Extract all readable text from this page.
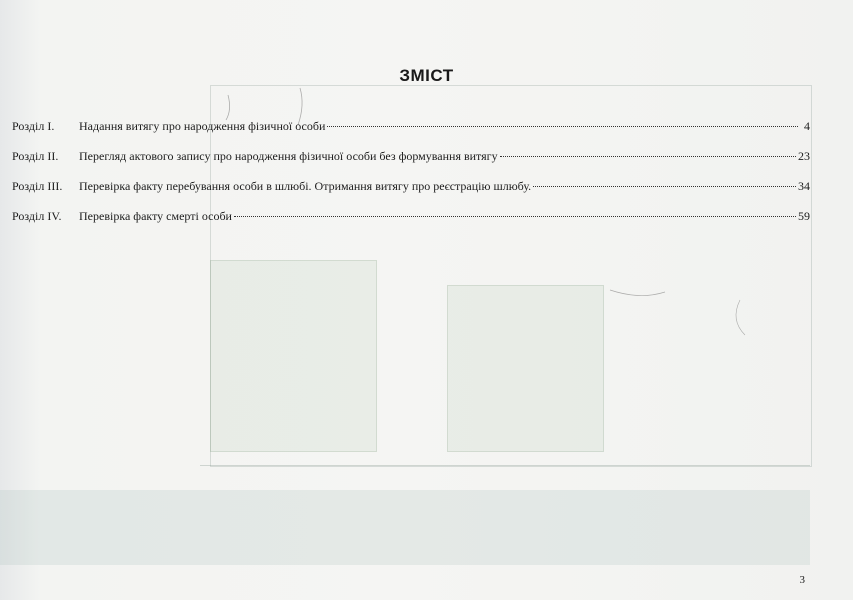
ЗМІСТ
Розділ I.	Надання витягу про народження фізичної особи	4
Розділ II.	Перегляд актового запису про народження фізичної особи без формування витягу	23
Розділ III.	Перевірка факту перебування особи в шлюбі. Отримання витягу про реєстрацію шлюбу.	34
Розділ IV.	Перевірка факту смерті особи	59
3
